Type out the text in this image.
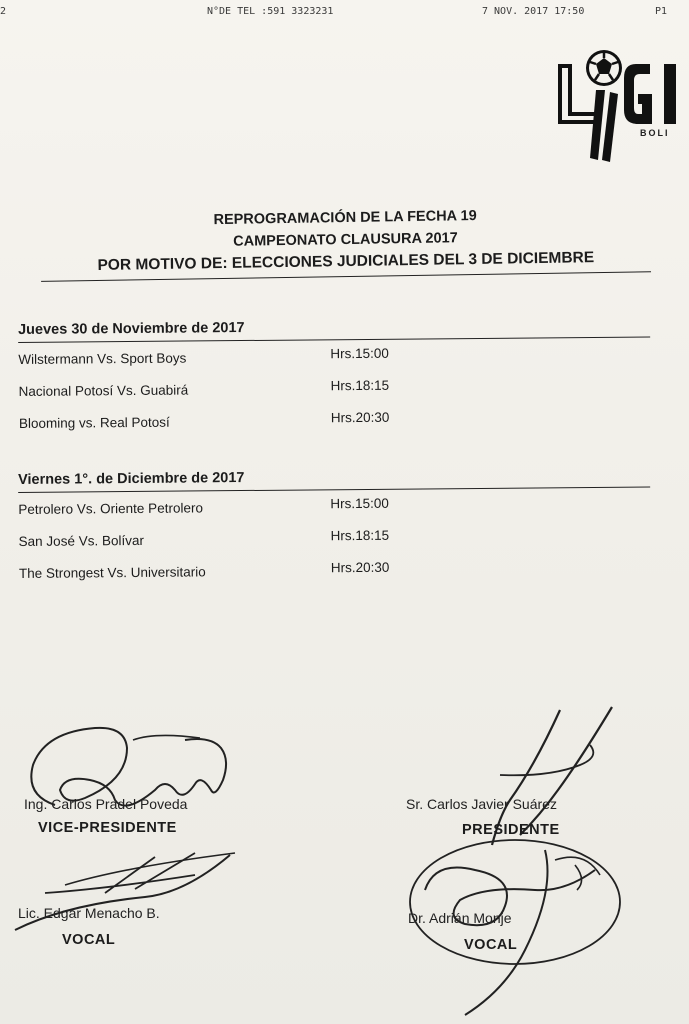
2	N°DE TEL :591 3323231	7 NOV. 2017 17:50	P1
BOLI

REPROGRAMACIÓN DE LA FECHA 19

CAMPEONATO CLAUSURA 2017

POR MOTIVO DE: ELECCIONES JUDICIALES DEL 3 DE DICIEMBRE

Jueves 30 de Noviembre de 2017

Wilstermann Vs. Sport Boys	Hrs.15:00
Nacional Potosí Vs. Guabirá	Hrs.18:15
Blooming vs. Real Potosí	Hrs.20:30

Viernes 1°. de Diciembre de 2017

Petrolero Vs. Oriente Petrolero	Hrs.15:00
San José Vs. Bolívar	Hrs.18:15
The Strongest Vs. Universitario	Hrs.20:30
Ing. Carlos Pradel Poveda
VICE-PRESIDENTE
Lic. Edgar Menacho B.
VOCAL
Sr. Carlos Javier Suárez
PRESIDENTE
Dr. Adrián Monje
VOCAL
